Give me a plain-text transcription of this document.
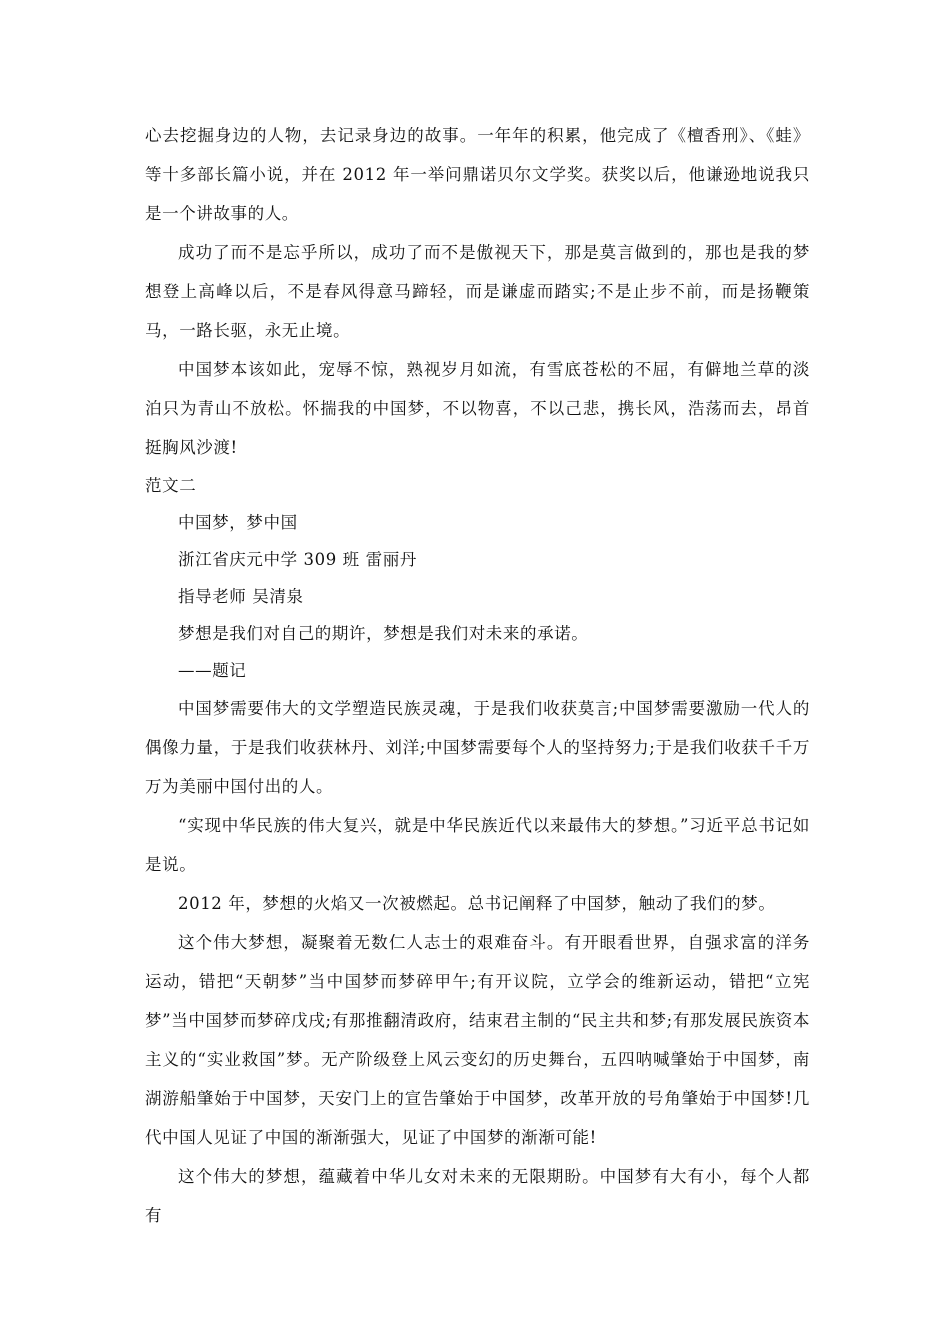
心去挖掘身边的人物，去记录身边的故事。一年年的积累，他完成了《檀香刑》、《蛙》等十多部长篇小说，并在 2012 年一举问鼎诺贝尔文学奖。获奖以后，他谦逊地说我只是一个讲故事的人。

成功了而不是忘乎所以，成功了而不是傲视天下，那是莫言做到的，那也是我的梦想登上高峰以后，不是春风得意马蹄轻，而是谦虚而踏实;不是止步不前，而是扬鞭策马，一路长驱，永无止境。

中国梦本该如此，宠辱不惊，熟视岁月如流，有雪底苍松的不屈，有僻地兰草的淡泊只为青山不放松。怀揣我的中国梦，不以物喜，不以己悲，携长风，浩荡而去，昂首挺胸风沙渡!

范文二

中国梦，梦中国

浙江省庆元中学 309 班 雷丽丹

指导老师 吴清泉

梦想是我们对自己的期许，梦想是我们对未来的承诺。

——题记

中国梦需要伟大的文学塑造民族灵魂，于是我们收获莫言;中国梦需要激励一代人的偶像力量，于是我们收获林丹、刘洋;中国梦需要每个人的坚持努力;于是我们收获千千万万为美丽中国付出的人。

“实现中华民族的伟大复兴，就是中华民族近代以来最伟大的梦想。”习近平总书记如是说。

2012 年，梦想的火焰又一次被燃起。总书记阐释了中国梦，触动了我们的梦。

这个伟大梦想，凝聚着无数仁人志士的艰难奋斗。有开眼看世界，自强求富的洋务运动，错把“天朝梦”当中国梦而梦碎甲午;有开议院，立学会的维新运动，错把“立宪梦”当中国梦而梦碎戊戌;有那推翻清政府，结束君主制的“民主共和梦;有那发展民族资本主义的“实业救国”梦。无产阶级登上风云变幻的历史舞台，五四呐喊肇始于中国梦，南湖游船肇始于中国梦，天安门上的宣告肇始于中国梦，改革开放的号角肇始于中国梦!几代中国人见证了中国的渐渐强大，见证了中国梦的渐渐可能!

这个伟大的梦想，蕴藏着中华儿女对未来的无限期盼。中国梦有大有小，每个人都有
